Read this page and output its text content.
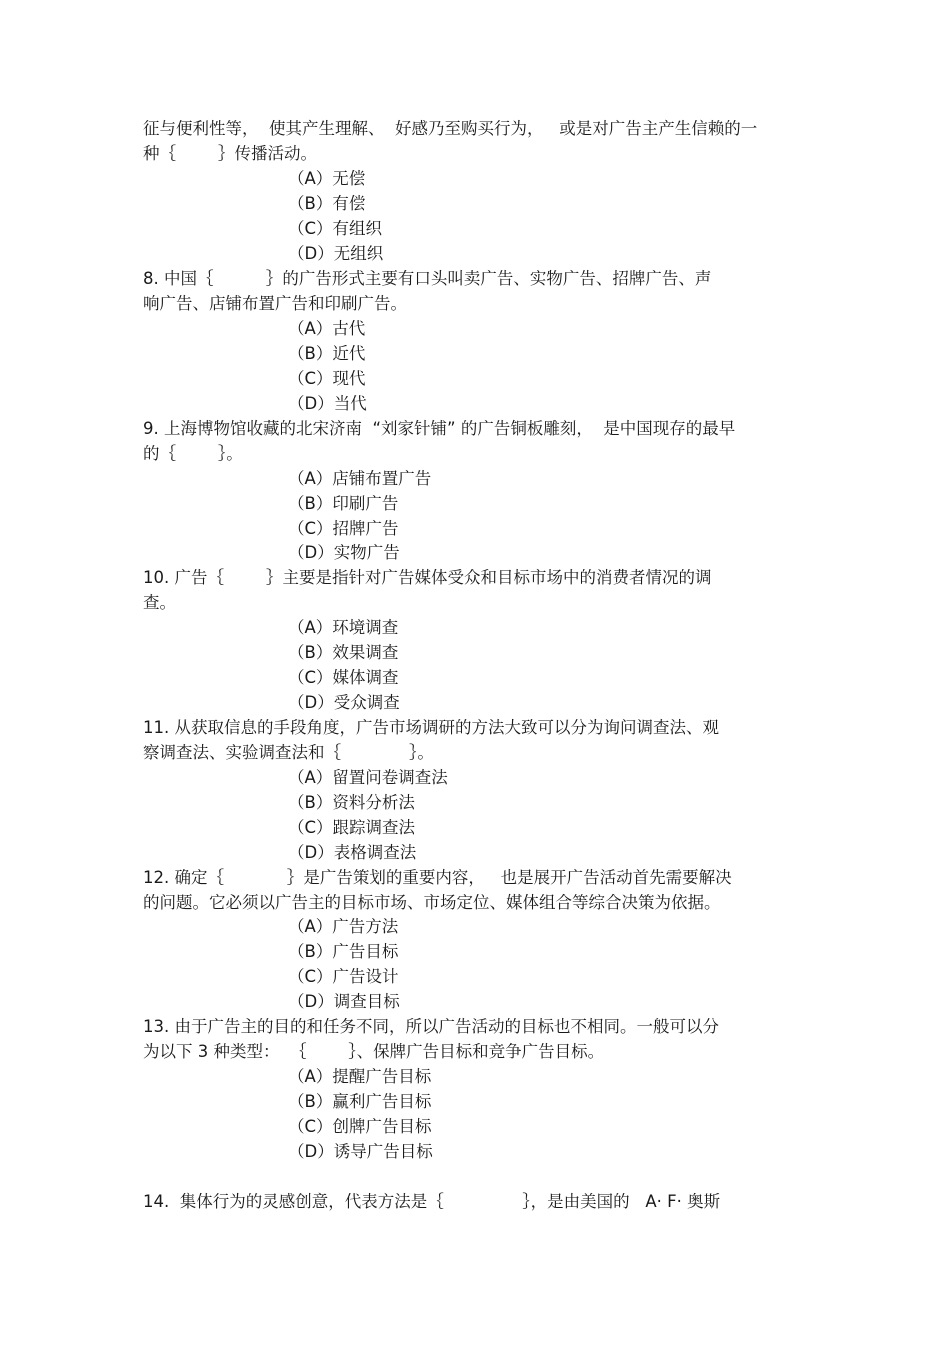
征与便利性等，  使其产生理解、  好感乃至购买行为，   或是对广告主产生信赖的一
种｛        ｝传播活动。
（A）无偿
（B）有偿
（C）有组织
（D）无组织
8. 中国｛          ｝的广告形式主要有口头叫卖广告、实物广告、招牌广告、声
响广告、店铺布置广告和印刷广告。
（A）古代
（B）近代
（C）现代
（D）当代
9. 上海博物馆收藏的北宋济南  “刘家针铺” 的广告铜板雕刻，  是中国现存的最早
的｛        ｝。
（A）店铺布置广告
（B）印刷广告
（C）招牌广告
（D）实物广告
10. 广告｛        ｝主要是指针对广告媒体受众和目标市场中的消费者情况的调
查。
（A）环境调查
（B）效果调查
（C）媒体调查
（D）受众调查
11. 从获取信息的手段角度，广告市场调研的方法大致可以分为询问调查法、观
察调查法、实验调查法和｛             ｝。
（A）留置问卷调查法
（B）资料分析法
（C）跟踪调查法
（D）表格调查法
12. 确定｛            ｝是广告策划的重要内容，   也是展开广告活动首先需要解决
的问题。它必须以广告主的目标市场、市场定位、媒体组合等综合决策为依据。
（A）广告方法
（B）广告目标
（C）广告设计
（D）调查目标
13. 由于广告主的目的和任务不同，所以广告活动的目标也不相同。一般可以分
为以下 3 种类型：  ｛        ｝、保牌广告目标和竞争广告目标。
（A）提醒广告目标
（B）赢利广告目标
（C）创牌广告目标
（D）诱导广告目标
14.  集体行为的灵感创意，代表方法是｛               ｝，是由美国的   A· F· 奥斯
